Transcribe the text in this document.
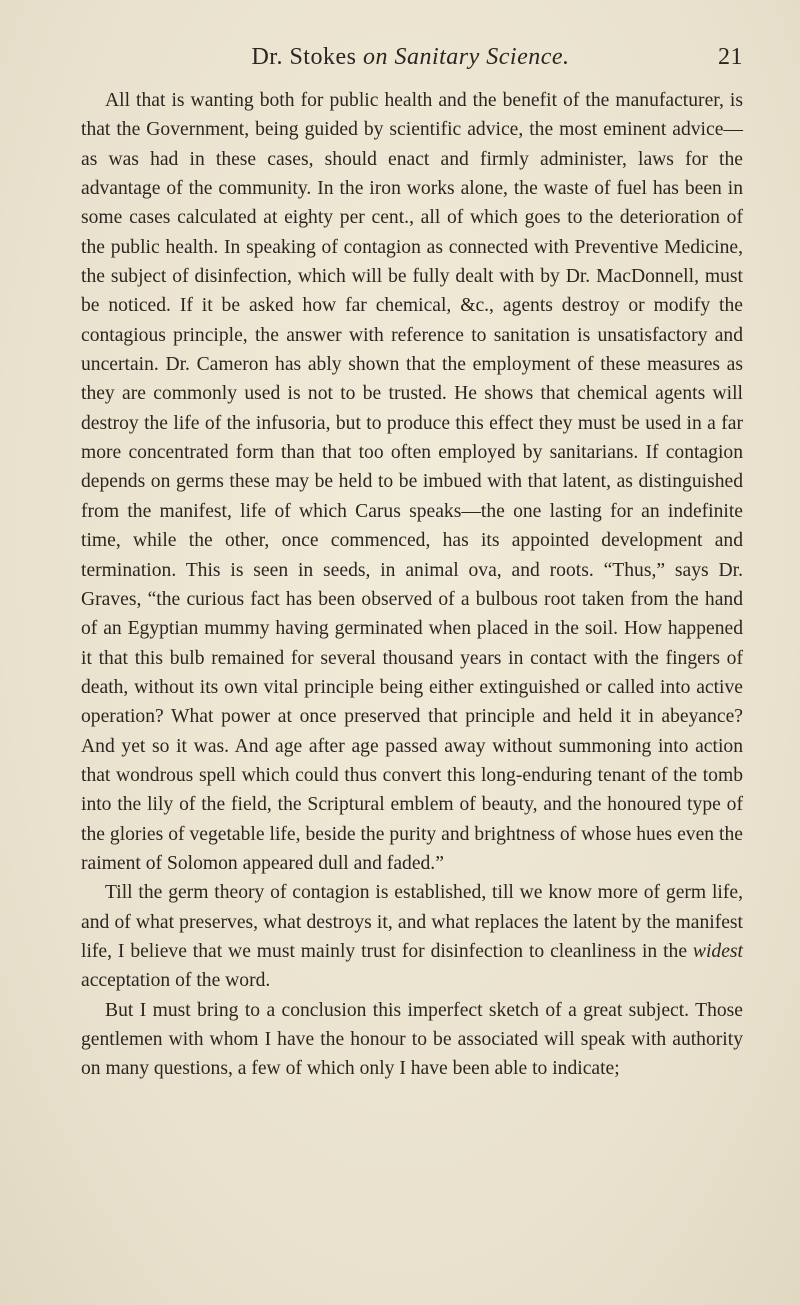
Dr. Stokes on Sanitary Science.	21

All that is wanting both for public health and the benefit of the manufacturer, is that the Government, being guided by scientific advice, the most eminent advice—as was had in these cases, should enact and firmly administer, laws for the advantage of the community. In the iron works alone, the waste of fuel has been in some cases calculated at eighty per cent., all of which goes to the deterioration of the public health. In speaking of contagion as connected with Preventive Medicine, the subject of disinfection, which will be fully dealt with by Dr. MacDonnell, must be noticed. If it be asked how far chemical, &c., agents destroy or modify the contagious principle, the answer with reference to sanitation is unsatisfactory and uncertain. Dr. Cameron has ably shown that the employment of these measures as they are commonly used is not to be trusted. He shows that chemical agents will destroy the life of the infusoria, but to produce this effect they must be used in a far more concentrated form than that too often employed by sanitarians. If contagion depends on germs these may be held to be imbued with that latent, as distinguished from the manifest, life of which Carus speaks—the one lasting for an indefinite time, while the other, once commenced, has its appointed development and termination. This is seen in seeds, in animal ova, and roots. “Thus,” says Dr. Graves, “the curious fact has been observed of a bulbous root taken from the hand of an Egyptian mummy having germinated when placed in the soil. How happened it that this bulb remained for several thousand years in contact with the fingers of death, without its own vital principle being either extinguished or called into active operation? What power at once preserved that principle and held it in abeyance? And yet so it was. And age after age passed away without summoning into action that wondrous spell which could thus convert this long-enduring tenant of the tomb into the lily of the field, the Scriptural emblem of beauty, and the honoured type of the glories of vegetable life, beside the purity and brightness of whose hues even the raiment of Solomon appeared dull and faded.”

Till the germ theory of contagion is established, till we know more of germ life, and of what preserves, what destroys it, and what replaces the latent by the manifest life, I believe that we must mainly trust for disinfection to cleanliness in the widest acceptation of the word.

But I must bring to a conclusion this imperfect sketch of a great subject. Those gentlemen with whom I have the honour to be associated will speak with authority on many questions, a few of which only I have been able to indicate;
